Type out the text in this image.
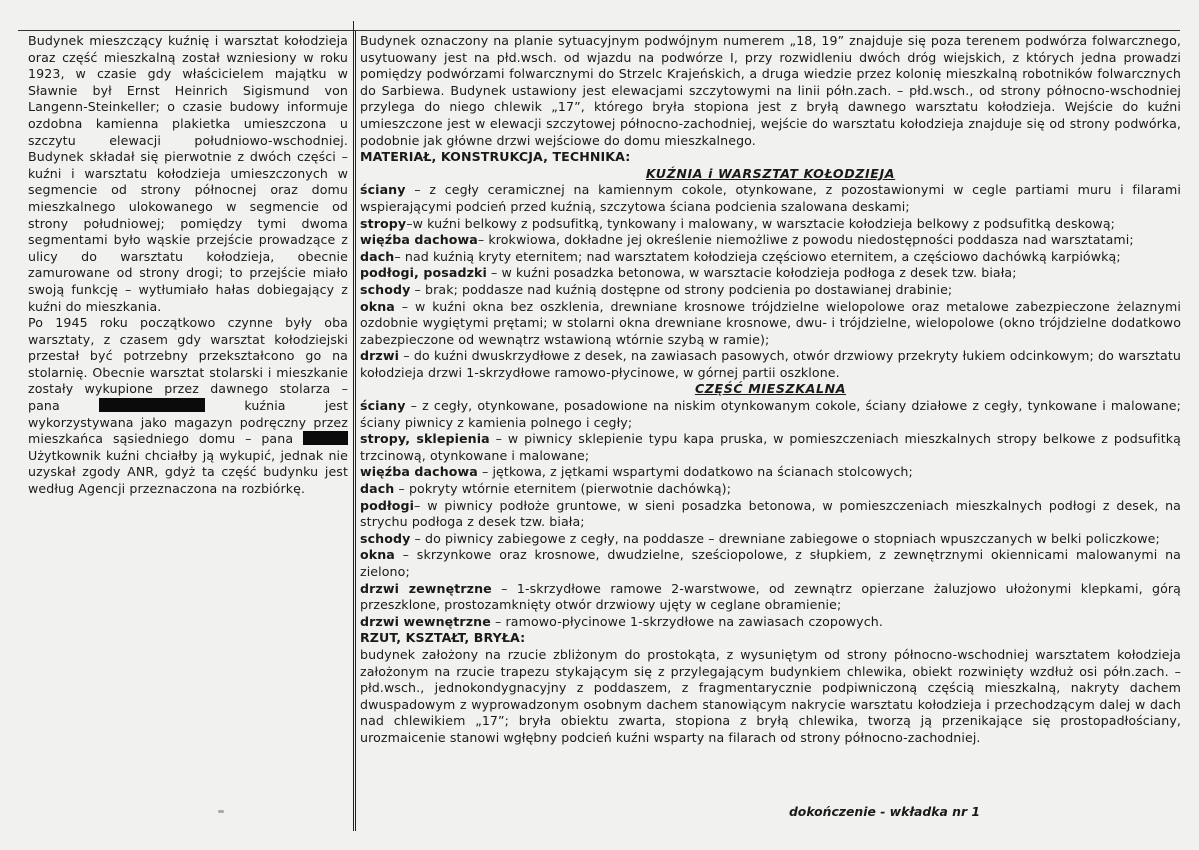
Budynek mieszczący kuźnię i warsztat kołodzieja oraz część mieszkalną został wzniesiony w roku 1923, w czasie gdy właścicielem majątku w Sławnie był Ernst Heinrich Sigismund von Langenn-Steinkeller; o czasie budowy informuje ozdobna kamienna plakietka umieszczona u szczytu elewacji południowo-wschodniej. Budynek składał się pierwotnie z dwóch części – kuźni i warsztatu kołodzieja umieszczonych w segmencie od strony północnej oraz domu mieszkalnego ulokowanego w segmencie od strony południowej; pomiędzy tymi dwoma segmentami było wąskie przejście prowadzące z ulicy do warsztatu kołodzieja, obecnie zamurowane od strony drogi; to przejście miało swoją funkcję – wytłumiało hałas dobiegający z kuźni do mieszkania.

Po 1945 roku początkowo czynne były oba warsztaty, z czasem gdy warsztat kołodziejski przestał być potrzebny przekształcono go na stolarnię. Obecnie warsztat stolarski i mieszkanie zostały wykupione przez dawnego stolarza – pana	kuźnia jest wykorzystywana jako magazyn podręczny przez mieszkańca sąsiedniego domu – pana  Użytkownik kuźni chciałby ją wykupić, jednak nie uzyskał zgody ANR, gdyż ta część budynku jest według Agencji przeznaczona na rozbiórkę.

Budynek oznaczony na planie sytuacyjnym podwójnym numerem „18, 19” znajduje się poza terenem podwórza folwarcznego, usytuowany jest na płd.wsch. od wjazdu na podwórze I, przy rozwidleniu dwóch dróg wiejskich, z których jedna prowadzi pomiędzy podwórzami folwarcznymi do Strzelc Krajeńskich, a druga wiedzie przez kolonię mieszkalną robotników folwarcznych do Sarbiewa. Budynek ustawiony jest elewacjami szczytowymi na linii półn.zach. – płd.wsch., od strony północno-wschodniej przylega do niego chlewik „17”, którego bryła stopiona jest z bryłą dawnego warsztatu kołodzieja. Wejście do kuźni umieszczone jest w elewacji szczytowej północno-zachodniej, wejście do warsztatu kołodzieja znajduje się od strony podwórka, podobnie jak główne drzwi wejściowe do domu mieszkalnego.

MATERIAŁ, KONSTRUKCJA, TECHNIKA:

KUŹNIA i WARSZTAT KOŁODZIEJA

ściany – z cegły ceramicznej na kamiennym cokole, otynkowane, z pozostawionymi w cegle partiami muru i filarami wspierającymi podcień przed kuźnią, szczytowa ściana podcienia szalowana deskami;

stropy–w kuźni belkowy z podsufitką, tynkowany i malowany, w warsztacie kołodzieja belkowy z podsufitką deskową;

więźba dachowa– krokwiowa, dokładne jej określenie niemożliwe z powodu niedostępności poddasza nad warsztatami;

dach– nad kuźnią kryty eternitem; nad warsztatem kołodzieja częściowo eternitem, a częściowo dachówką karpiówką;

podłogi, posadzki – w kuźni posadzka betonowa, w warsztacie kołodzieja podłoga z desek tzw. biała;

schody – brak; poddasze nad kuźnią dostępne od strony podcienia po dostawianej drabinie;

okna – w kuźni okna bez oszklenia, drewniane krosnowe trójdzielne wielopolowe oraz metalowe zabezpieczone żelaznymi ozdobnie wygiętymi prętami; w stolarni okna drewniane krosnowe, dwu- i trójdzielne, wielopolowe (okno trójdzielne dodatkowo zabezpieczone od wewnątrz wstawioną wtórnie szybą w ramie);

drzwi – do kuźni dwuskrzydłowe z desek, na zawiasach pasowych, otwór drzwiowy przekryty łukiem odcinkowym; do warsztatu kołodzieja drzwi 1-skrzydłowe ramowo-płycinowe, w górnej partii oszklone.

CZĘŚĆ MIESZKALNA

ściany – z cegły, otynkowane, posadowione na niskim otynkowanym cokole, ściany działowe z cegły, tynkowane i malowane; ściany piwnicy z kamienia polnego i cegły;

stropy, sklepienia – w piwnicy sklepienie typu kapa pruska, w pomieszczeniach mieszkalnych stropy belkowe z podsufitką trzcinową, otynkowane i malowane;

więźba dachowa – jętkowa, z jętkami wspartymi dodatkowo na ścianach stolcowych;

dach – pokryty wtórnie eternitem (pierwotnie dachówką);

podłogi– w piwnicy podłoże gruntowe, w sieni posadzka betonowa, w pomieszczeniach mieszkalnych podłogi z desek, na strychu podłoga z desek tzw. biała;

schody – do piwnicy zabiegowe z cegły, na poddasze – drewniane zabiegowe o stopniach wpuszczanych w belki policzkowe;

okna – skrzynkowe oraz krosnowe, dwudzielne, sześciopolowe, z słupkiem, z zewnętrznymi okiennicami malowanymi na zielono;

drzwi zewnętrzne – 1-skrzydłowe ramowe 2-warstwowe, od zewnątrz opierzane żaluzjowo ułożonymi klepkami, górą przeszklone, prostozamknięty otwór drzwiowy ujęty w ceglane obramienie;

drzwi wewnętrzne – ramowo-płycinowe 1-skrzydłowe na zawiasach czopowych.

RZUT, KSZTAŁT, BRYŁA:

budynek założony na rzucie zbliżonym do prostokąta, z wysuniętym od strony północno-wschodniej warsztatem kołodzieja założonym na rzucie trapezu stykającym się z przylegającym budynkiem chlewika, obiekt rozwinięty wzdłuż osi półn.zach. – płd.wsch., jednokondygnacyjny z poddaszem, z fragmentarycznie podpiwniczoną częścią mieszkalną, nakryty dachem dwuspadowym z wyprowadzonym osobnym dachem stanowiącym nakrycie warsztatu kołodzieja i przechodzącym dalej w dach nad chlewikiem „17”; bryła obiektu zwarta, stopiona z bryłą chlewika, tworzą ją przenikające się prostopadłościany, urozmaicenie stanowi wgłębny podcień kuźni wsparty na filarach od strony północno-zachodniej.

dokończenie - wkładka nr 1
